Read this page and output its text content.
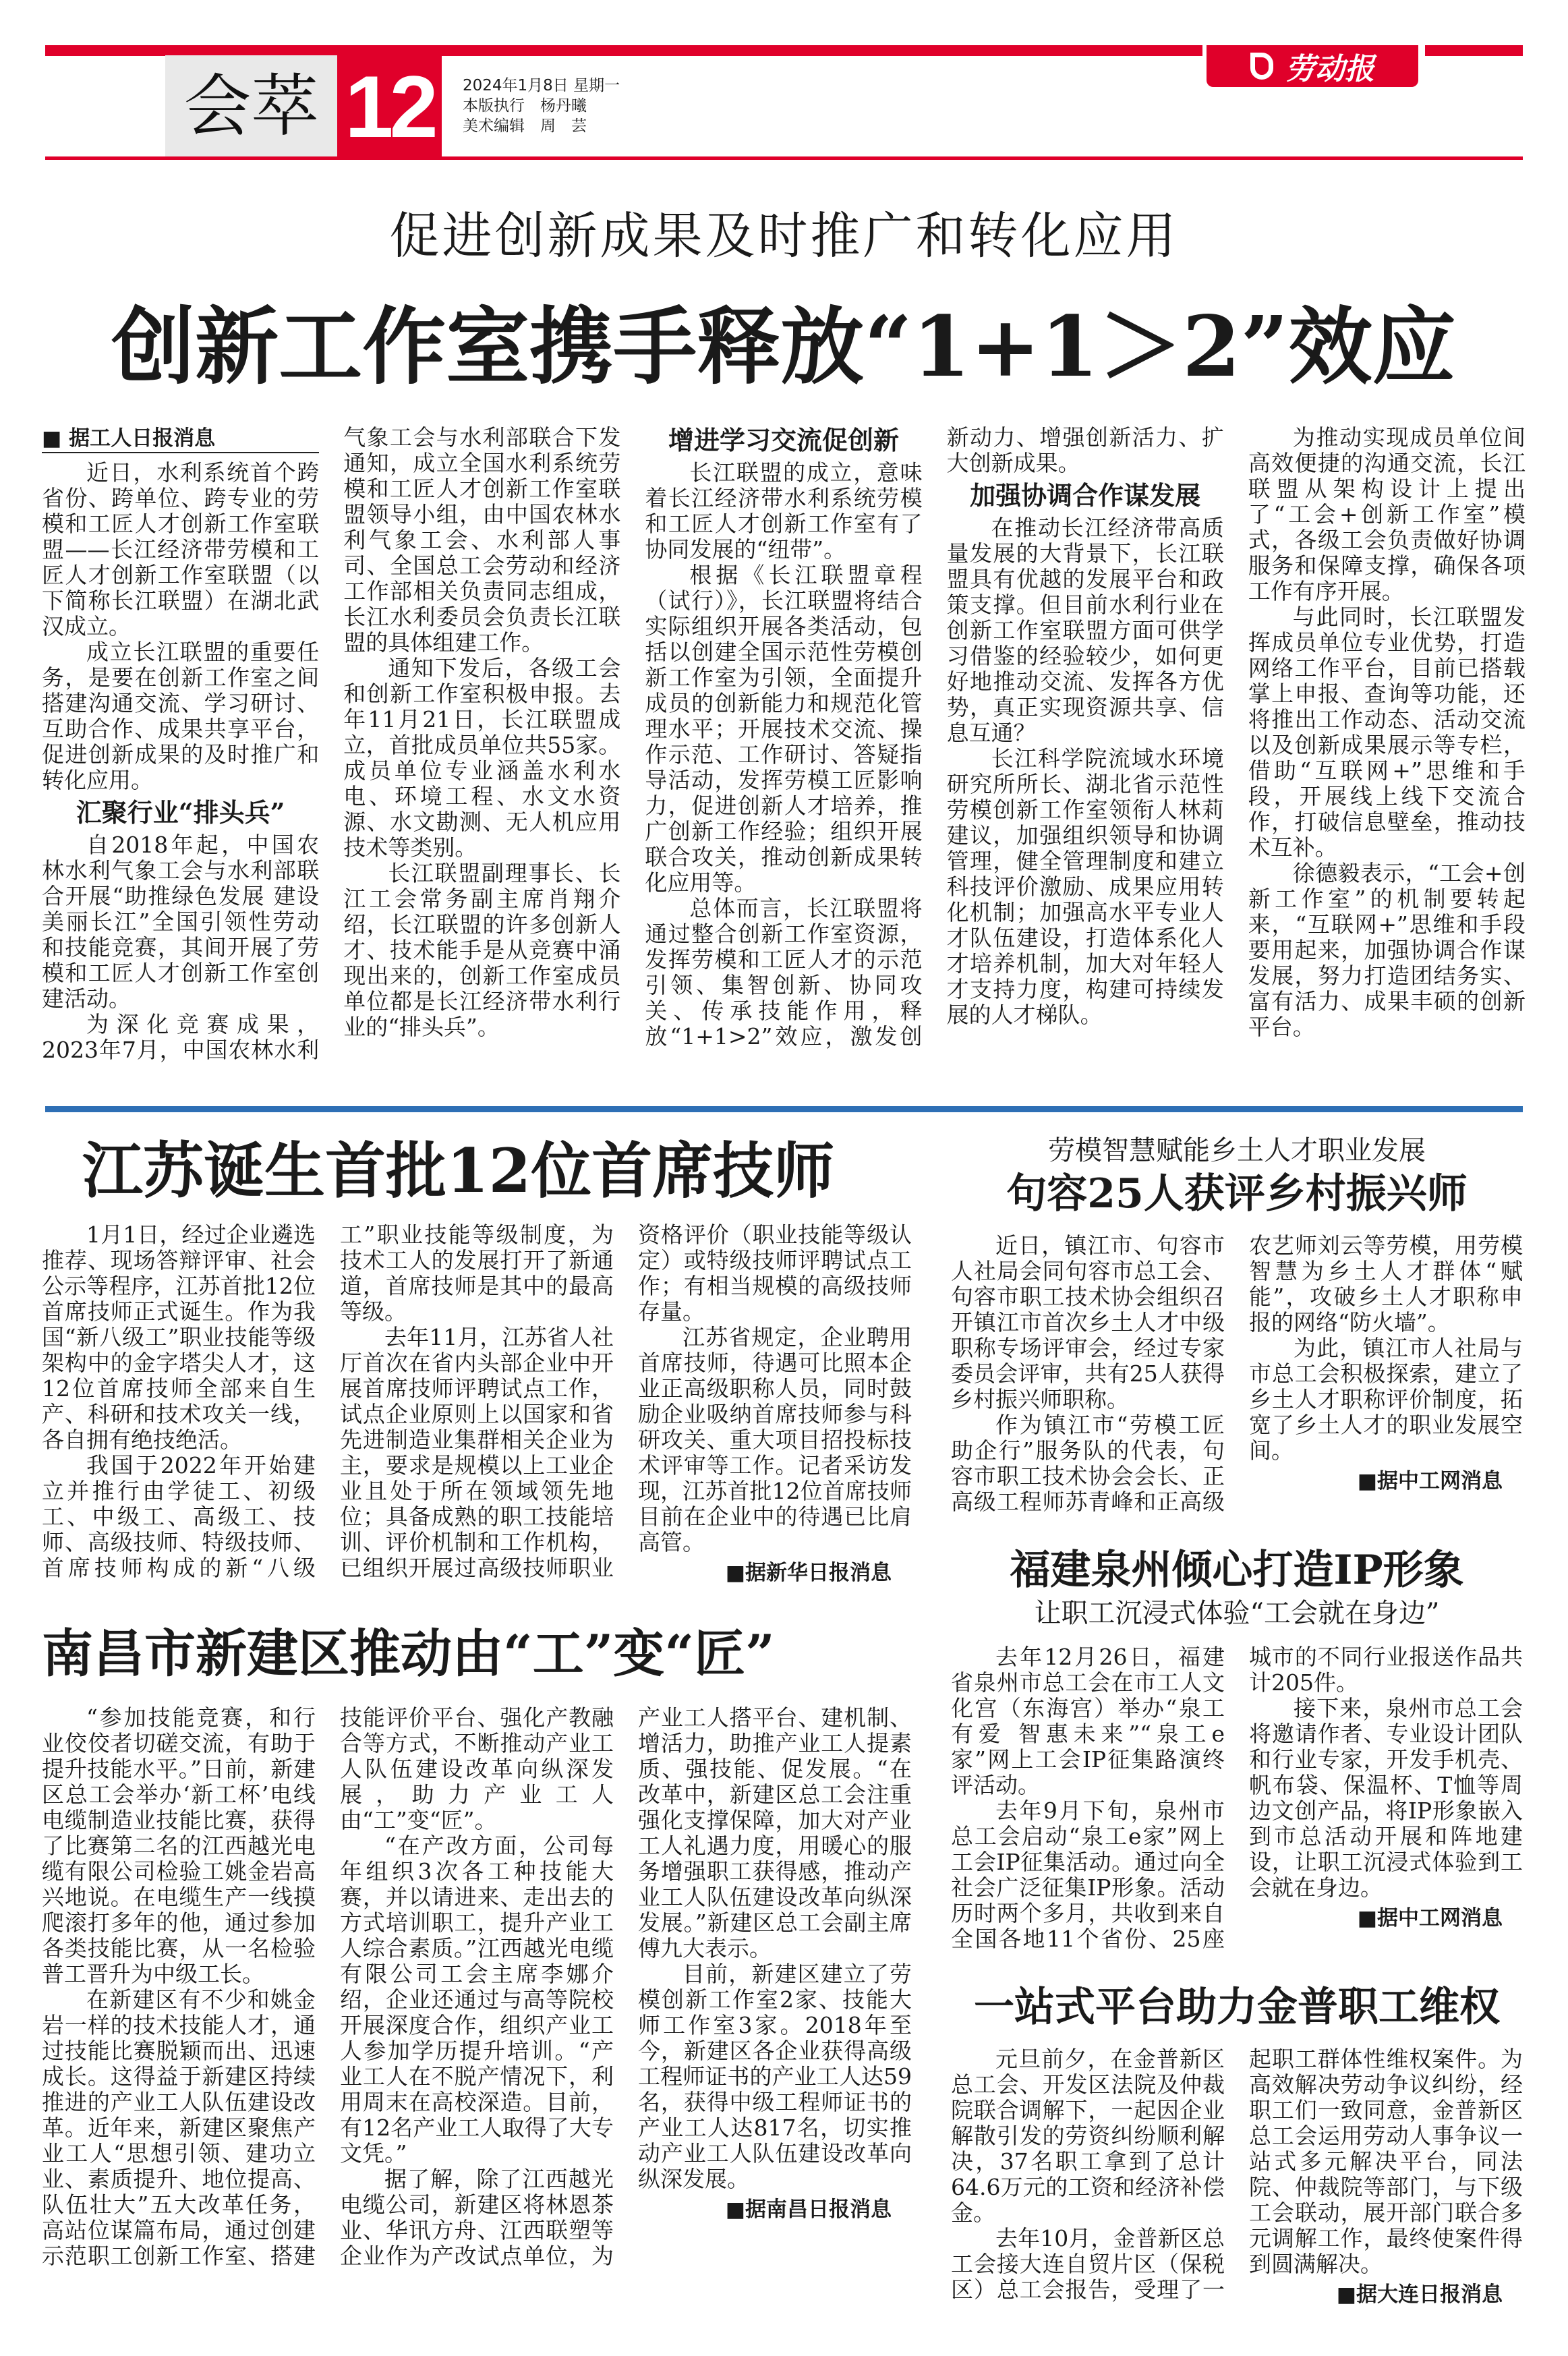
劳动报
会萃 12	2024年1月8日 星期一
本版执行　杨丹曦
美术编辑　周　芸
促进创新成果及时推广和转化应用
创新工作室携手释放“1+1＞2”效应

■ 据工人日报消息

近日，水利系统首个跨省份、跨单位、跨专业的劳模和工匠人才创新工作室联盟——长江经济带劳模和工匠人才创新工作室联盟（以下简称长江联盟）在湖北武汉成立。

成立长江联盟的重要任务，是要在创新工作室之间搭建沟通交流、学习研讨、互助合作、成果共享平台，促进创新成果的及时推广和转化应用。

汇聚行业“排头兵”

自2018年起，中国农林水利气象工会与水利部联合开展“助推绿色发展 建设美丽长江”全国引领性劳动和技能竞赛，其间开展了劳模和工匠人才创新工作室创建活动。

为深化竞赛成果，2023年7月，中国农林水利气象工会与水利部联合下发通知，成立全国水利系统劳模和工匠人才创新工作室联盟领导小组，由中国农林水利气象工会、水利部人事司、全国总工会劳动和经济工作部相关负责同志组成，长江水利委员会负责长江联盟的具体组建工作。

通知下发后，各级工会和创新工作室积极申报。去年11月21日，长江联盟成立，首批成员单位共55家。成员单位专业涵盖水利水电、环境工程、水文水资源、水文勘测、无人机应用技术等类别。

长江联盟副理事长、长江工会常务副主席肖翔介绍，长江联盟的许多创新人才、技术能手是从竞赛中涌现出来的，创新工作室成员单位都是长江经济带水利行业的“排头兵”。

增进学习交流促创新

长江联盟的成立，意味着长江经济带水利系统劳模和工匠人才创新工作室有了协同发展的“纽带”。

根据《长江联盟章程（试行）》，长江联盟将结合实际组织开展各类活动，包括以创建全国示范性劳模创新工作室为引领，全面提升成员的创新能力和规范化管理水平；开展技术交流、操作示范、工作研讨、答疑指导活动，发挥劳模工匠影响力，促进创新人才培养，推广创新工作经验；组织开展联合攻关，推动创新成果转化应用等。

总体而言，长江联盟将通过整合创新工作室资源，发挥劳模和工匠人才的示范引领、集智创新、协同攻关、传承技能作用，释放“1+1>2”效应，激发创新动力、增强创新活力、扩大创新成果。

加强协调合作谋发展

在推动长江经济带高质量发展的大背景下，长江联盟具有优越的发展平台和政策支撑。但目前水利行业在创新工作室联盟方面可供学习借鉴的经验较少，如何更好地推动交流、发挥各方优势，真正实现资源共享、信息互通？

长江科学院流域水环境研究所所长、湖北省示范性劳模创新工作室领衔人林莉建议，加强组织领导和协调管理，健全管理制度和建立科技评价激励、成果应用转化机制；加强高水平专业人才队伍建设，打造体系化人才培养机制，加大对年轻人才支持力度，构建可持续发展的人才梯队。

为推动实现成员单位间高效便捷的沟通交流，长江联盟从架构设计上提出了“工会+创新工作室”模式，各级工会负责做好协调服务和保障支撑，确保各项工作有序开展。

与此同时，长江联盟发挥成员单位专业优势，打造网络工作平台，目前已搭载掌上申报、查询等功能，还将推出工作动态、活动交流以及创新成果展示等专栏，借助“互联网+”思维和手段，开展线上线下交流合作，打破信息壁垒，推动技术互补。

徐德毅表示，“工会+创新工作室”的机制要转起来，“互联网+”思维和手段要用起来，加强协调合作谋发展，努力打造团结务实、富有活力、成果丰硕的创新平台。

江苏诞生首批12位首席技师

1月1日，经过企业遴选推荐、现场答辩评审、社会公示等程序，江苏首批12位首席技师正式诞生。作为我国“新八级工”职业技能等级架构中的金字塔尖人才，这12位首席技师全部来自生产、科研和技术攻关一线，各自拥有绝技绝活。

我国于2022年开始建立并推行由学徒工、初级工、中级工、高级工、技师、高级技师、特级技师、首席技师构成的新“八级工”职业技能等级制度，为技术工人的发展打开了新通道，首席技师是其中的最高等级。

去年11月，江苏省人社厅首次在省内头部企业中开展首席技师评聘试点工作，试点企业原则上以国家和省先进制造业集群相关企业为主，要求是规模以上工业企业且处于所在领域领先地位；具备成熟的职工技能培训、评价机制和工作机构，已组织开展过高级技师职业资格评价（职业技能等级认定）或特级技师评聘试点工作；有相当规模的高级技师存量。

江苏省规定，企业聘用首席技师，待遇可比照本企业正高级职称人员，同时鼓励企业吸纳首席技师参与科研攻关、重大项目招投标技术评审等工作。记者采访发现，江苏首批12位首席技师目前在企业中的待遇已比肩高管。

■据新华日报消息

南昌市新建区推动由“工”变“匠”

“参加技能竞赛，和行业佼佼者切磋交流，有助于提升技能水平。”日前，新建区总工会举办‘新工杯’电线电缆制造业技能比赛，获得了比赛第二名的江西越光电缆有限公司检验工姚金岩高兴地说。在电缆生产一线摸爬滚打多年的他，通过参加各类技能比赛，从一名检验普工晋升为中级工长。

在新建区有不少和姚金岩一样的技术技能人才，通过技能比赛脱颖而出、迅速成长。这得益于新建区持续推进的产业工人队伍建设改革。近年来，新建区聚焦产业工人“思想引领、建功立业、素质提升、地位提高、队伍壮大”五大改革任务，高站位谋篇布局，通过创建示范职工创新工作室、搭建技能评价平台、强化产教融合等方式，不断推动产业工人队伍建设改革向纵深发展，助力产业工人由“工”变“匠”。

“在产改方面，公司每年组织3次各工种技能大赛，并以请进来、走出去的方式培训职工，提升产业工人综合素质。”江西越光电缆有限公司工会主席李娜介绍，企业还通过与高等院校开展深度合作，组织产业工人参加学历提升培训。“产业工人在不脱产情况下，利用周末在高校深造。目前，有12名产业工人取得了大专文凭。”

据了解，除了江西越光电缆公司，新建区将林恩茶业、华讯方舟、江西联塑等企业作为产改试点单位，为产业工人搭平台、建机制、增活力，助推产业工人提素质、强技能、促发展。“在改革中，新建区总工会注重强化支撑保障，加大对产业工人礼遇力度，用暖心的服务增强职工获得感，推动产业工人队伍建设改革向纵深发展。”新建区总工会副主席傅九大表示。

目前，新建区建立了劳模创新工作室2家、技能大师工作室3家。2018年至今，新建区各企业获得高级工程师证书的产业工人达59名，获得中级工程师证书的产业工人达817名，切实推动产业工人队伍建设改革向纵深发展。

■据南昌日报消息

劳模智慧赋能乡土人才职业发展
句容25人获评乡村振兴师

近日，镇江市、句容市人社局会同句容市总工会、句容市职工技术协会组织召开镇江市首次乡土人才中级职称专场评审会，经过专家委员会评审，共有25人获得乡村振兴师职称。

作为镇江市“劳模工匠助企行”服务队的代表，句容市职工技术协会会长、正高级工程师苏青峰和正高级农艺师刘云等劳模，用劳模智慧为乡土人才群体“赋能”，攻破乡土人才职称申报的网络“防火墙”。

为此，镇江市人社局与市总工会积极探索，建立了乡土人才职称评价制度，拓宽了乡土人才的职业发展空间。

■据中工网消息

福建泉州倾心打造IP形象
让职工沉浸式体验“工会就在身边”

去年12月26日，福建省泉州市总工会在市工人文化宫（东海宫）举办“泉工有爱 智惠未来”“泉工e家”网上工会IP征集路演终评活动。

去年9月下旬，泉州市总工会启动“泉工e家”网上工会IP征集活动。通过向全社会广泛征集IP形象。活动历时两个多月，共收到来自全国各地11个省份、25座城市的不同行业报送作品共计205件。

接下来，泉州市总工会将邀请作者、专业设计团队和行业专家，开发手机壳、帆布袋、保温杯、T恤等周边文创产品，将IP形象嵌入到市总活动开展和阵地建设，让职工沉浸式体验到工会就在身边。

■据中工网消息

一站式平台助力金普职工维权

元旦前夕，在金普新区总工会、开发区法院及仲裁院联合调解下，一起因企业解散引发的劳资纠纷顺利解决，37名职工拿到了总计64.6万元的工资和经济补偿金。

去年10月，金普新区总工会接大连自贸片区（保税区）总工会报告，受理了一起职工群体性维权案件。为高效解决劳动争议纠纷，经职工们一致同意，金普新区总工会运用劳动人事争议一站式多元解决平台，同法院、仲裁院等部门，与下级工会联动，展开部门联合多元调解工作，最终使案件得到圆满解决。

■据大连日报消息
